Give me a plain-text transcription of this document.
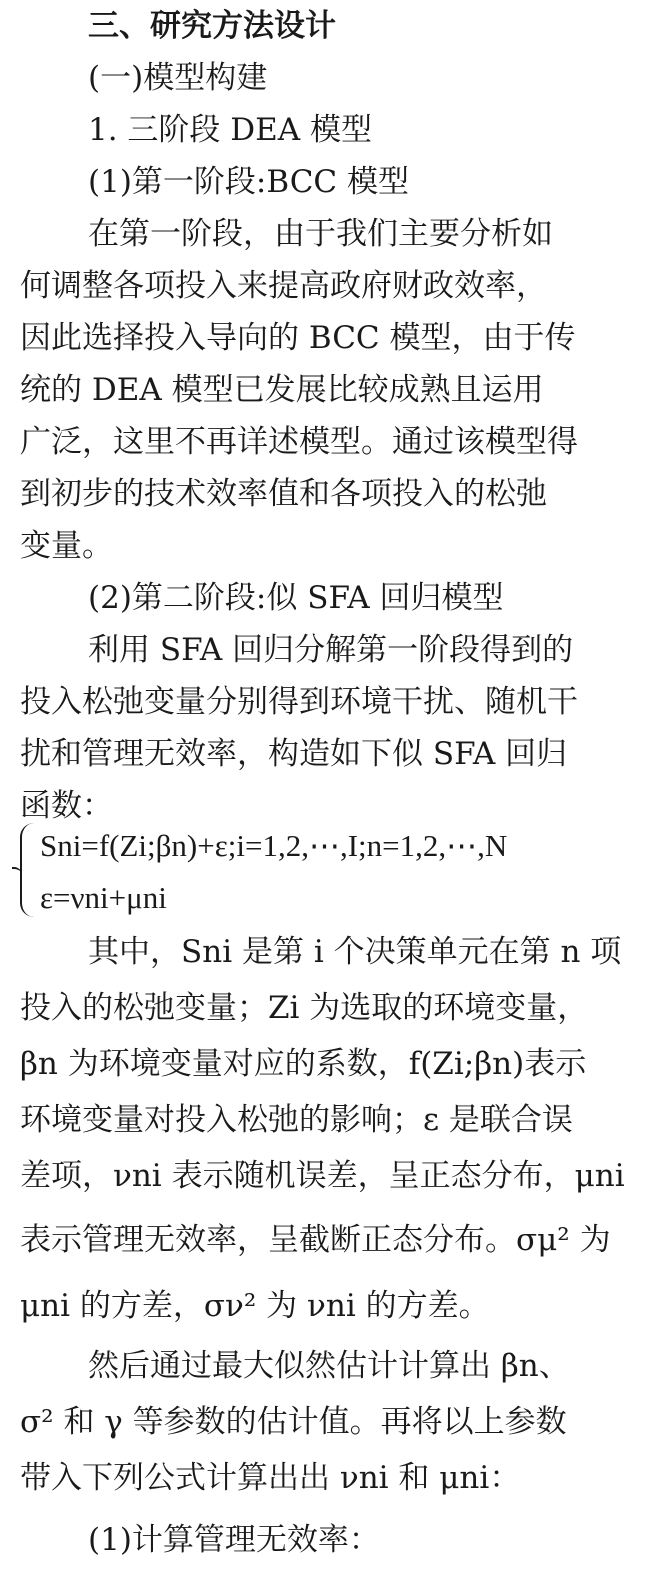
三、研究方法设计
(一)模型构建
1. 三阶段 DEA 模型
(1)第一阶段:BCC 模型
在第一阶段，由于我们主要分析如
何调整各项投入来提高政府财政效率，
因此选择投入导向的 BCC 模型，由于传
统的 DEA 模型已发展比较成熟且运用
广泛，这里不再详述模型。通过该模型得
到初步的技术效率值和各项投入的松弛
变量。
(2)第二阶段:似 SFA 回归模型
利用 SFA 回归分解第一阶段得到的
投入松弛变量分别得到环境干扰、随机干
扰和管理无效率，构造如下似 SFA 回归
函数：
Sni=f(Zi;βn)+ε;i=1,2,⋯,I;n=1,2,⋯,N
ε=νni+μni
其中，Sni 是第 i 个决策单元在第 n 项
投入的松弛变量；Zi 为选取的环境变量，
βn 为环境变量对应的系数，f(Zi;βn)表示
环境变量对投入松弛的影响；ε 是联合误
差项，νni 表示随机误差，呈正态分布，μni
表示管理无效率，呈截断正态分布。σμ² 为
μni 的方差，σν² 为 νni 的方差。
然后通过最大似然估计计算出 βn、
σ² 和 γ 等参数的估计值。再将以上参数
带入下列公式计算出出 νni 和 μni：
(1)计算管理无效率：
